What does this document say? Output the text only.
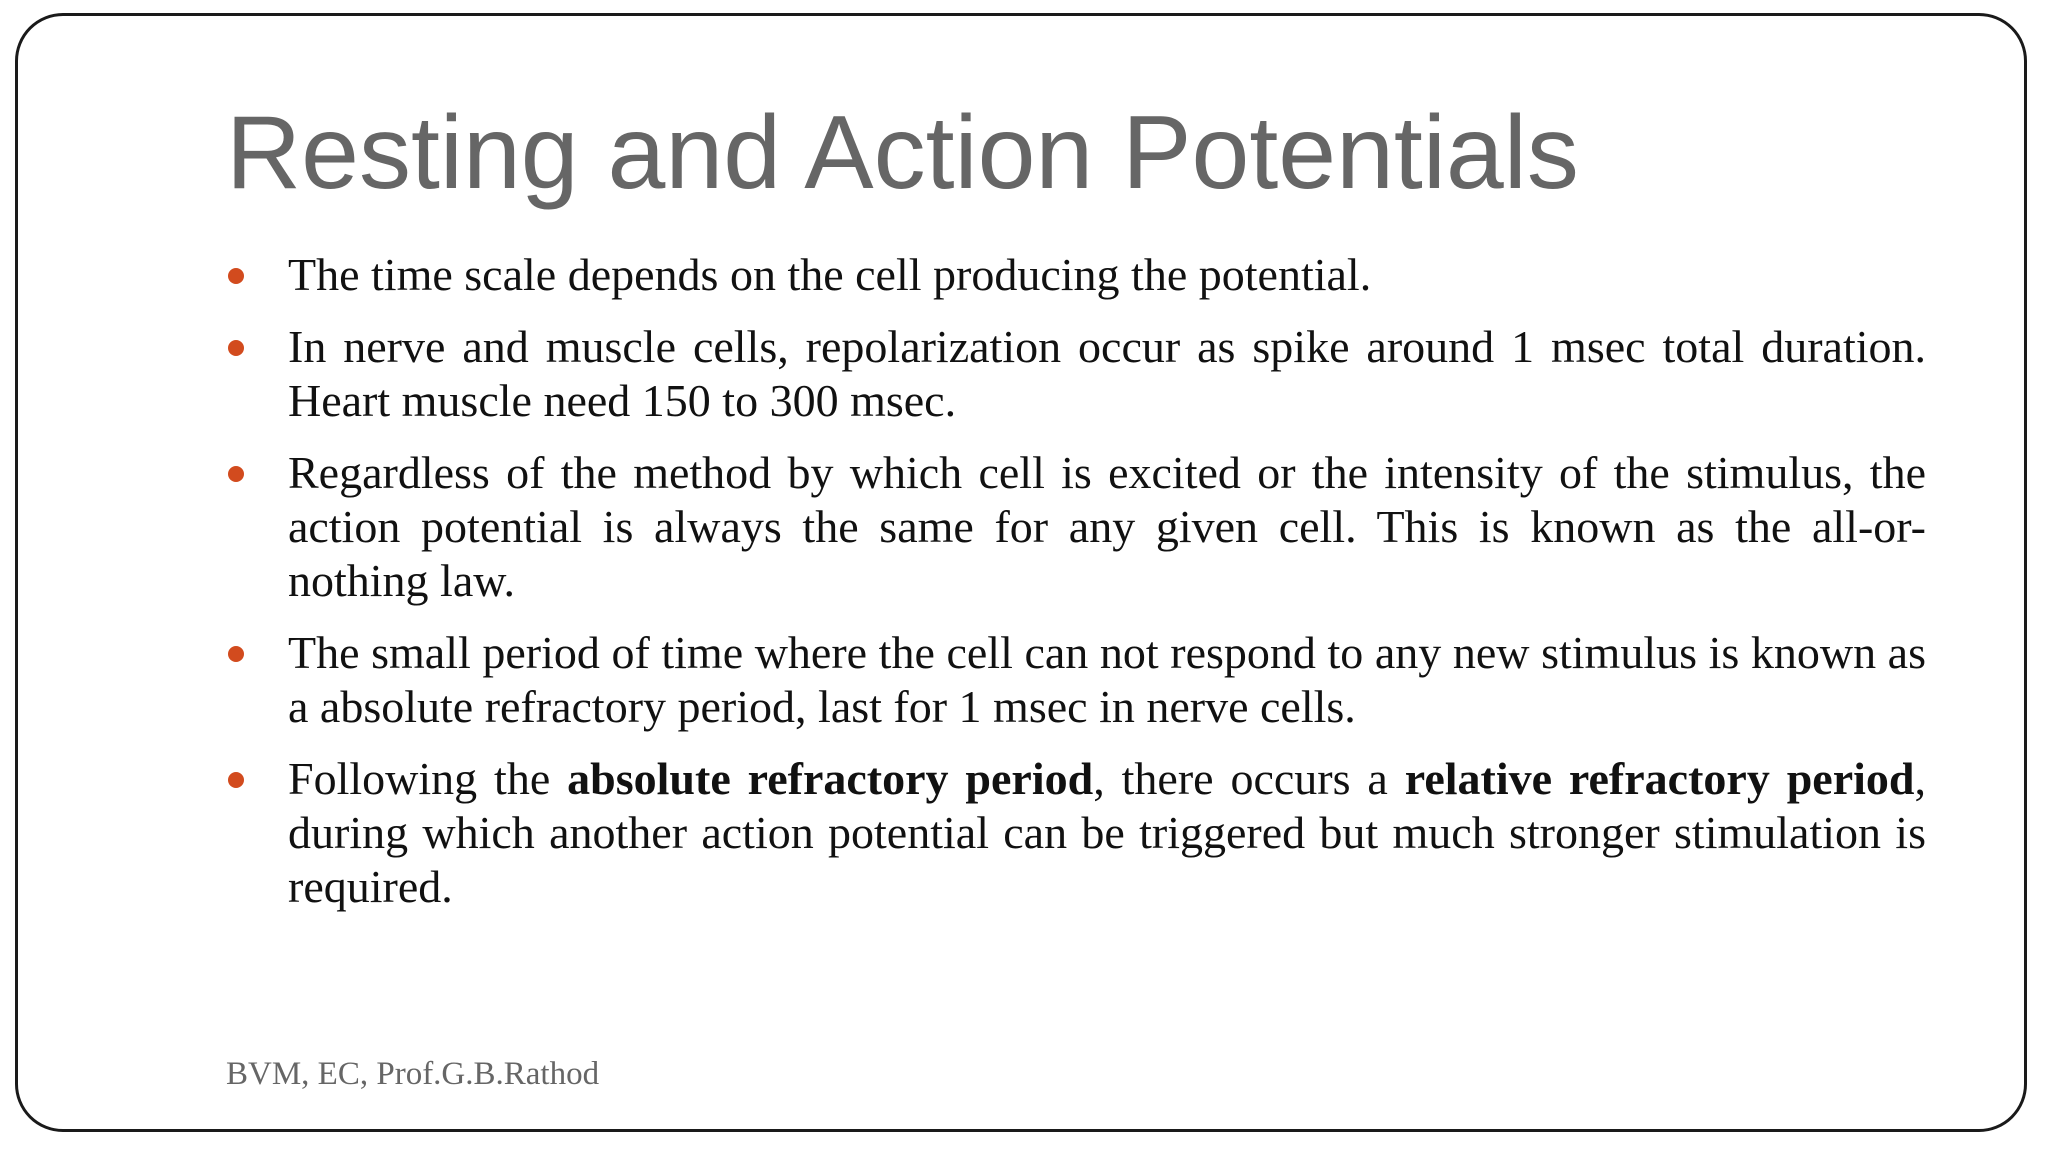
Resting and Action Potentials
The time scale depends on the cell producing the potential.
In nerve and muscle cells, repolarization occur as spike around 1 msec total duration. Heart muscle need 150 to 300 msec.
Regardless of the method by which cell is excited or the intensity of the stimulus, the action potential is always the same for any given cell. This is known as the all-or-nothing law.
The small period of time where the cell can not respond to any new stimulus is known as a absolute refractory period, last for 1 msec in nerve cells.
Following the absolute refractory period, there occurs a relative refractory period, during which another action potential can be triggered but much stronger stimulation is required.
BVM, EC, Prof.G.B.Rathod
